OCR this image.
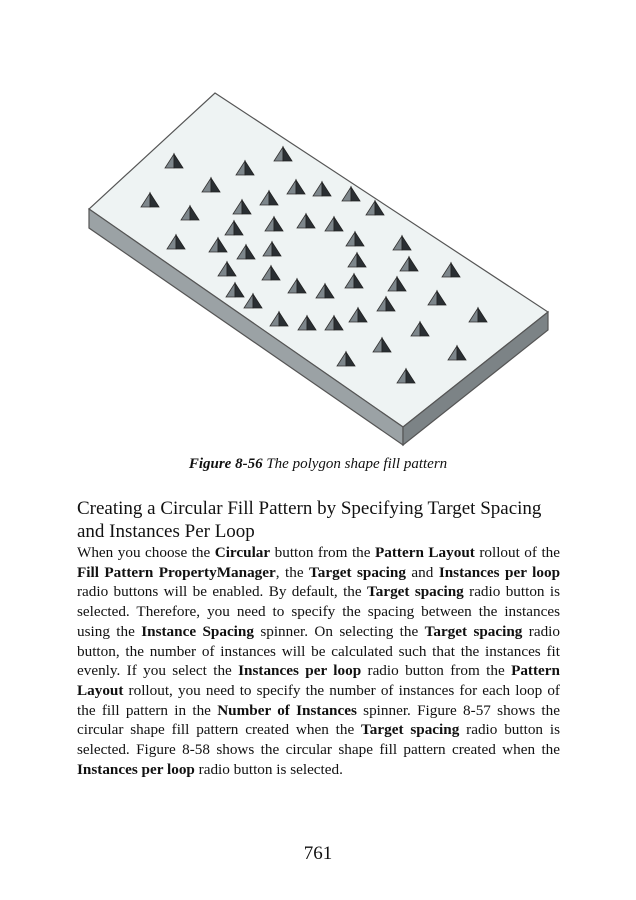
Figure 8-56 The polygon shape fill pattern
Creating a Circular Fill Pattern by Specifying Target Spacing and Instances Per Loop

When you choose the Circular button from the Pattern Layout rollout of the Fill Pattern PropertyManager, the Target spacing and Instances per loop radio buttons will be enabled. By default, the Target spacing radio button is selected. Therefore, you need to specify the spacing between the instances using the Instance Spacing spinner. On selecting the Target spacing radio button, the number of instances will be calculated such that the instances fit evenly. If you select the Instances per loop radio button from the Pattern Layout rollout, you need to specify the number of instances for each loop of the fill pattern in the Number of Instances spinner. Figure 8-57 shows the circular shape fill pattern created when the Target spacing radio button is selected. Figure 8-58 shows the circular shape fill pattern created when the Instances per loop radio button is selected.

761
